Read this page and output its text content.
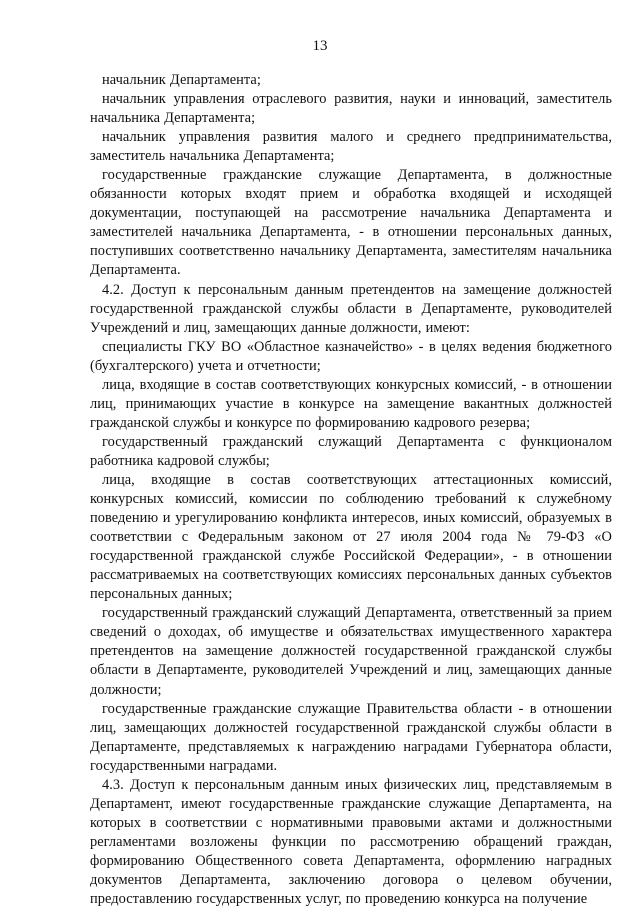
13

начальник Департамента;

начальник управления отраслевого развития, науки и инноваций, заместитель начальника Департамента;

начальник управления развития малого и среднего предпринимательства, заместитель начальника Департамента;

государственные гражданские служащие Департамента, в должностные обязанности которых входят прием и обработка входящей и исходящей документации, поступающей на рассмотрение начальника Департамента и заместителей начальника Департамента, - в отношении персональных данных, поступивших соответственно начальнику Департамента, заместителям начальника Департамента.

4.2. Доступ к персональным данным претендентов на замещение должностей государственной гражданской службы области в Департаменте, руководителей Учреждений и лиц, замещающих данные должности, имеют:

специалисты ГКУ ВО «Областное казначейство» - в целях ведения бюджетного (бухгалтерского) учета и отчетности;

лица, входящие в состав соответствующих конкурсных комиссий, - в отношении лиц, принимающих участие в конкурсе на замещение вакантных должностей гражданской службы и конкурсе по формированию кадрового резерва;

государственный гражданский служащий Департамента с функционалом работника кадровой службы;

лица, входящие в состав соответствующих аттестационных комиссий, конкурсных комиссий, комиссии по соблюдению требований к служебному поведению и урегулированию конфликта интересов, иных комиссий, образуемых в соответствии с Федеральным законом от 27 июля 2004 года № 79-ФЗ «О государственной гражданской службе Российской Федерации», - в отношении рассматриваемых на соответствующих комиссиях персональных данных субъектов персональных данных;

государственный гражданский служащий Департамента, ответственный за прием сведений о доходах, об имуществе и обязательствах имущественного характера претендентов на замещение должностей государственной гражданской службы области в Департаменте, руководителей Учреждений и лиц, замещающих данные должности;

государственные гражданские служащие Правительства области - в отношении лиц, замещающих должностей государственной гражданской службы области в Департаменте, представляемых к награждению наградами Губернатора области, государственными наградами.

4.3. Доступ к персональным данным иных физических лиц, представляемым в Департамент, имеют государственные гражданские служащие Департамента, на которых в соответствии с нормативными правовыми актами и должностными регламентами возложены функции по рассмотрению обращений граждан, формированию Общественного совета Департамента, оформлению наградных документов Департамента, заключению договора о целевом обучении, предоставлению государственных услуг, по проведению конкурса на получение
